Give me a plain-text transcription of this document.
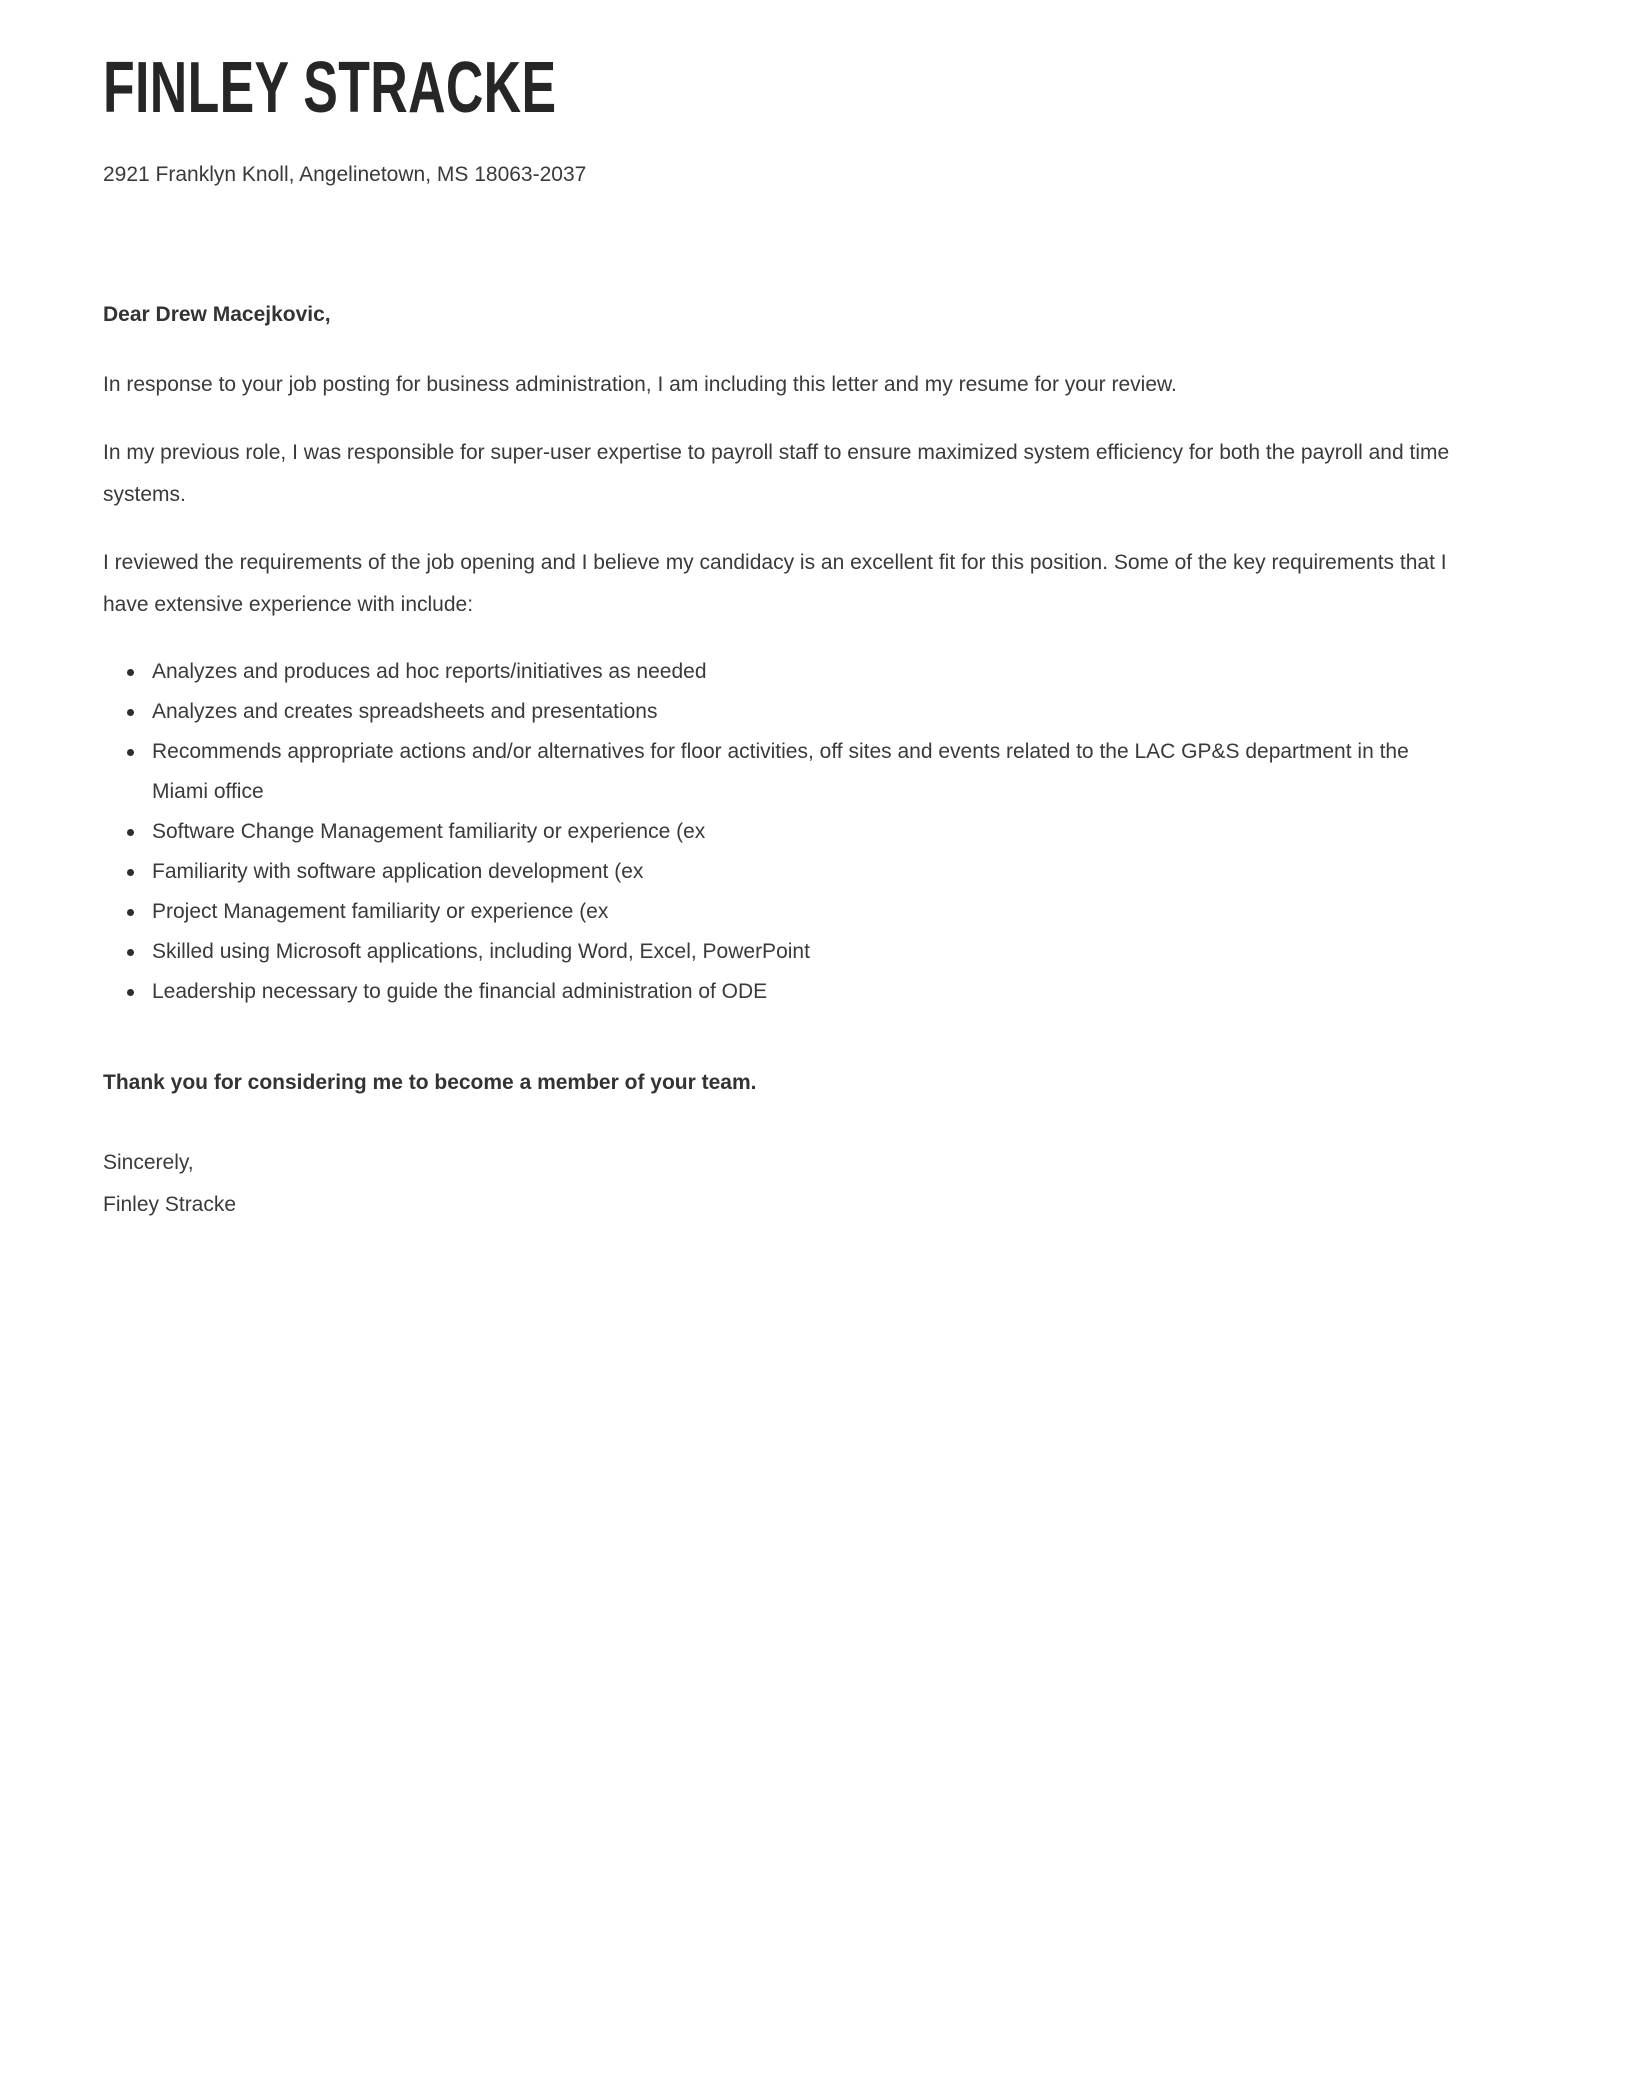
FINLEY STRACKE
2921 Franklyn Knoll, Angelinetown, MS 18063-2037
Dear Drew Macejkovic,

In response to your job posting for business administration, I am including this letter and my resume for your review.

In my previous role, I was responsible for super-user expertise to payroll staff to ensure maximized system efficiency for both the payroll and time systems.

I reviewed the requirements of the job opening and I believe my candidacy is an excellent fit for this position. Some of the key requirements that I have extensive experience with include:

Analyzes and produces ad hoc reports/initiatives as needed
Analyzes and creates spreadsheets and presentations
Recommends appropriate actions and/or alternatives for floor activities, off sites and events related to the LAC GP&S department in the Miami office
Software Change Management familiarity or experience (ex
Familiarity with software application development (ex
Project Management familiarity or experience (ex
Skilled using Microsoft applications, including Word, Excel, PowerPoint
Leadership necessary to guide the financial administration of ODE
Thank you for considering me to become a member of your team.
Sincerely,
Finley Stracke
